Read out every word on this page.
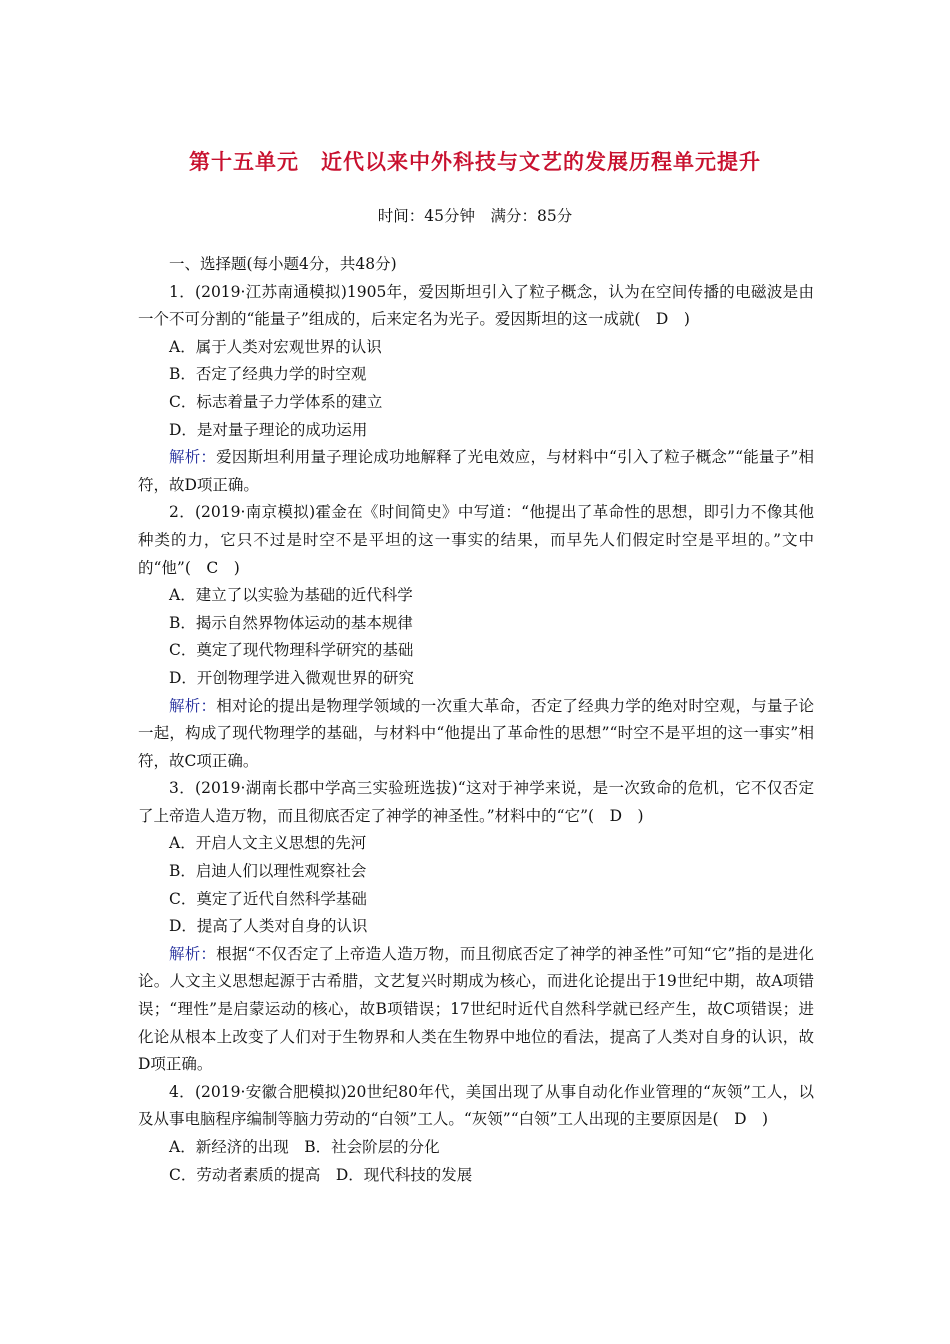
第十五单元　近代以来中外科技与文艺的发展历程单元提升
时间：45分钟　满分：85分

一、选择题(每小题4分，共48分)

1．(2019·江苏南通模拟)1905年，爱因斯坦引入了粒子概念，认为在空间传播的电磁波是由一个不可分割的“能量子”组成的，后来定名为光子。爱因斯坦的这一成就(　D　)

A．属于人类对宏观世界的认识

B．否定了经典力学的时空观

C．标志着量子力学体系的建立

D．是对量子理论的成功运用

解析：爱因斯坦利用量子理论成功地解释了光电效应，与材料中“引入了粒子概念”“能量子”相符，故D项正确。

2．(2019·南京模拟)霍金在《时间简史》中写道：“他提出了革命性的思想，即引力不像其他种类的力，它只不过是时空不是平坦的这一事实的结果，而早先人们假定时空是平坦的。”文中的“他”(　C　)

A．建立了以实验为基础的近代科学

B．揭示自然界物体运动的基本规律

C．奠定了现代物理科学研究的基础

D．开创物理学进入微观世界的研究

解析：相对论的提出是物理学领域的一次重大革命，否定了经典力学的绝对时空观，与量子论一起，构成了现代物理学的基础，与材料中“他提出了革命性的思想”“时空不是平坦的这一事实”相符，故C项正确。

3．(2019·湖南长郡中学高三实验班选拔)“这对于神学来说，是一次致命的危机，它不仅否定了上帝造人造万物，而且彻底否定了神学的神圣性。”材料中的“它”(　D　)

A．开启人文主义思想的先河

B．启迪人们以理性观察社会

C．奠定了近代自然科学基础

D．提高了人类对自身的认识

解析：根据“不仅否定了上帝造人造万物，而且彻底否定了神学的神圣性”可知“它”指的是进化论。人文主义思想起源于古希腊，文艺复兴时期成为核心，而进化论提出于19世纪中期，故A项错误；“理性”是启蒙运动的核心，故B项错误；17世纪时近代自然科学就已经产生，故C项错误；进化论从根本上改变了人们对于生物界和人类在生物界中地位的看法，提高了人类对自身的认识，故D项正确。

4．(2019·安徽合肥模拟)20世纪80年代，美国出现了从事自动化作业管理的“灰领”工人，以及从事电脑程序编制等脑力劳动的“白领”工人。“灰领”“白领”工人出现的主要原因是(　D　)

A．新经济的出现　B．社会阶层的分化

C．劳动者素质的提高　D．现代科技的发展
